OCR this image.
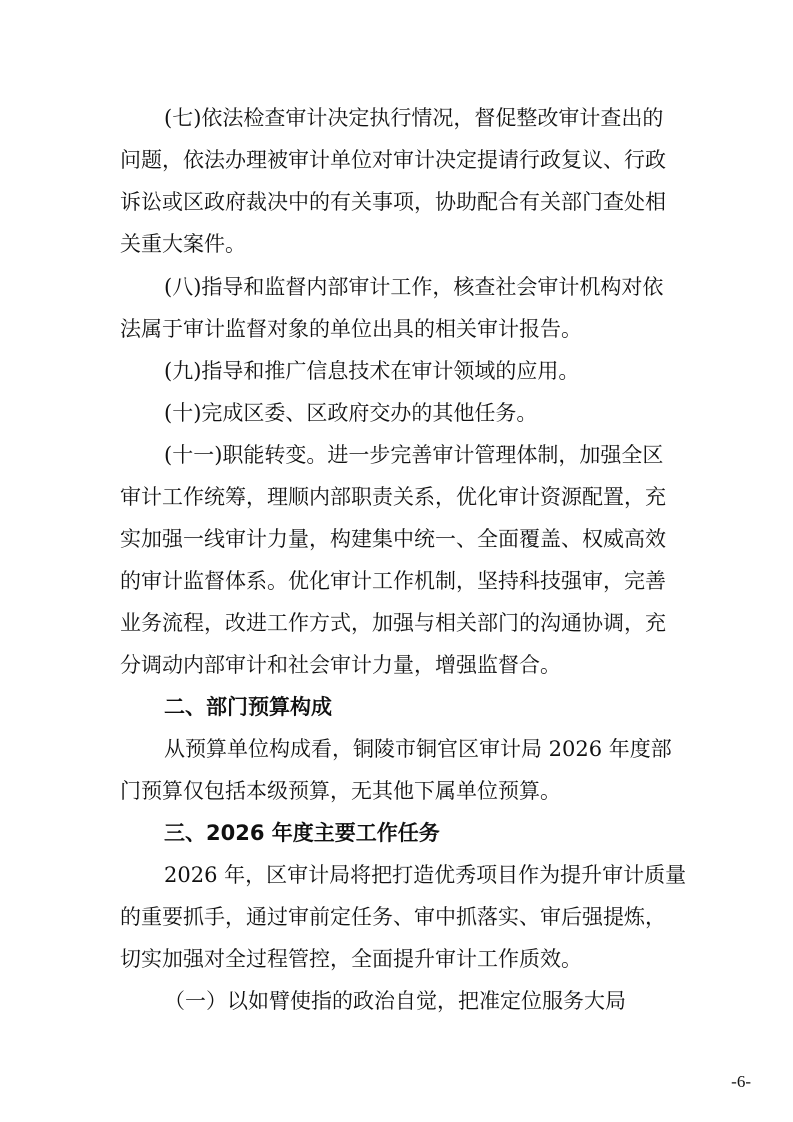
(七)依法检查审计决定执行情况，督促整改审计查出的
问题，依法办理被审计单位对审计决定提请行政复议、行政
诉讼或区政府裁决中的有关事项，协助配合有关部门查处相
关重大案件。
(八)指导和监督内部审计工作，核查社会审计机构对依
法属于审计监督对象的单位出具的相关审计报告。
(九)指导和推广信息技术在审计领域的应用。
(十)完成区委、区政府交办的其他任务。
(十一)职能转变。进一步完善审计管理体制，加强全区
审计工作统筹，理顺内部职责关系，优化审计资源配置，充
实加强一线审计力量，构建集中统一、全面覆盖、权威高效
的审计监督体系。优化审计工作机制，坚持科技强审，完善
业务流程，改进工作方式，加强与相关部门的沟通协调，充
分调动内部审计和社会审计力量，增强监督合。
二、部门预算构成
从预算单位构成看，铜陵市铜官区审计局 2026 年度部
门预算仅包括本级预算，无其他下属单位预算。
三、2026 年度主要工作任务
2026 年，区审计局将把打造优秀项目作为提升审计质量
的重要抓手，通过审前定任务、审中抓落实、审后强提炼，
切实加强对全过程管控，全面提升审计工作质效。
（一）以如臂使指的政治自觉，把准定位服务大局
-6-
